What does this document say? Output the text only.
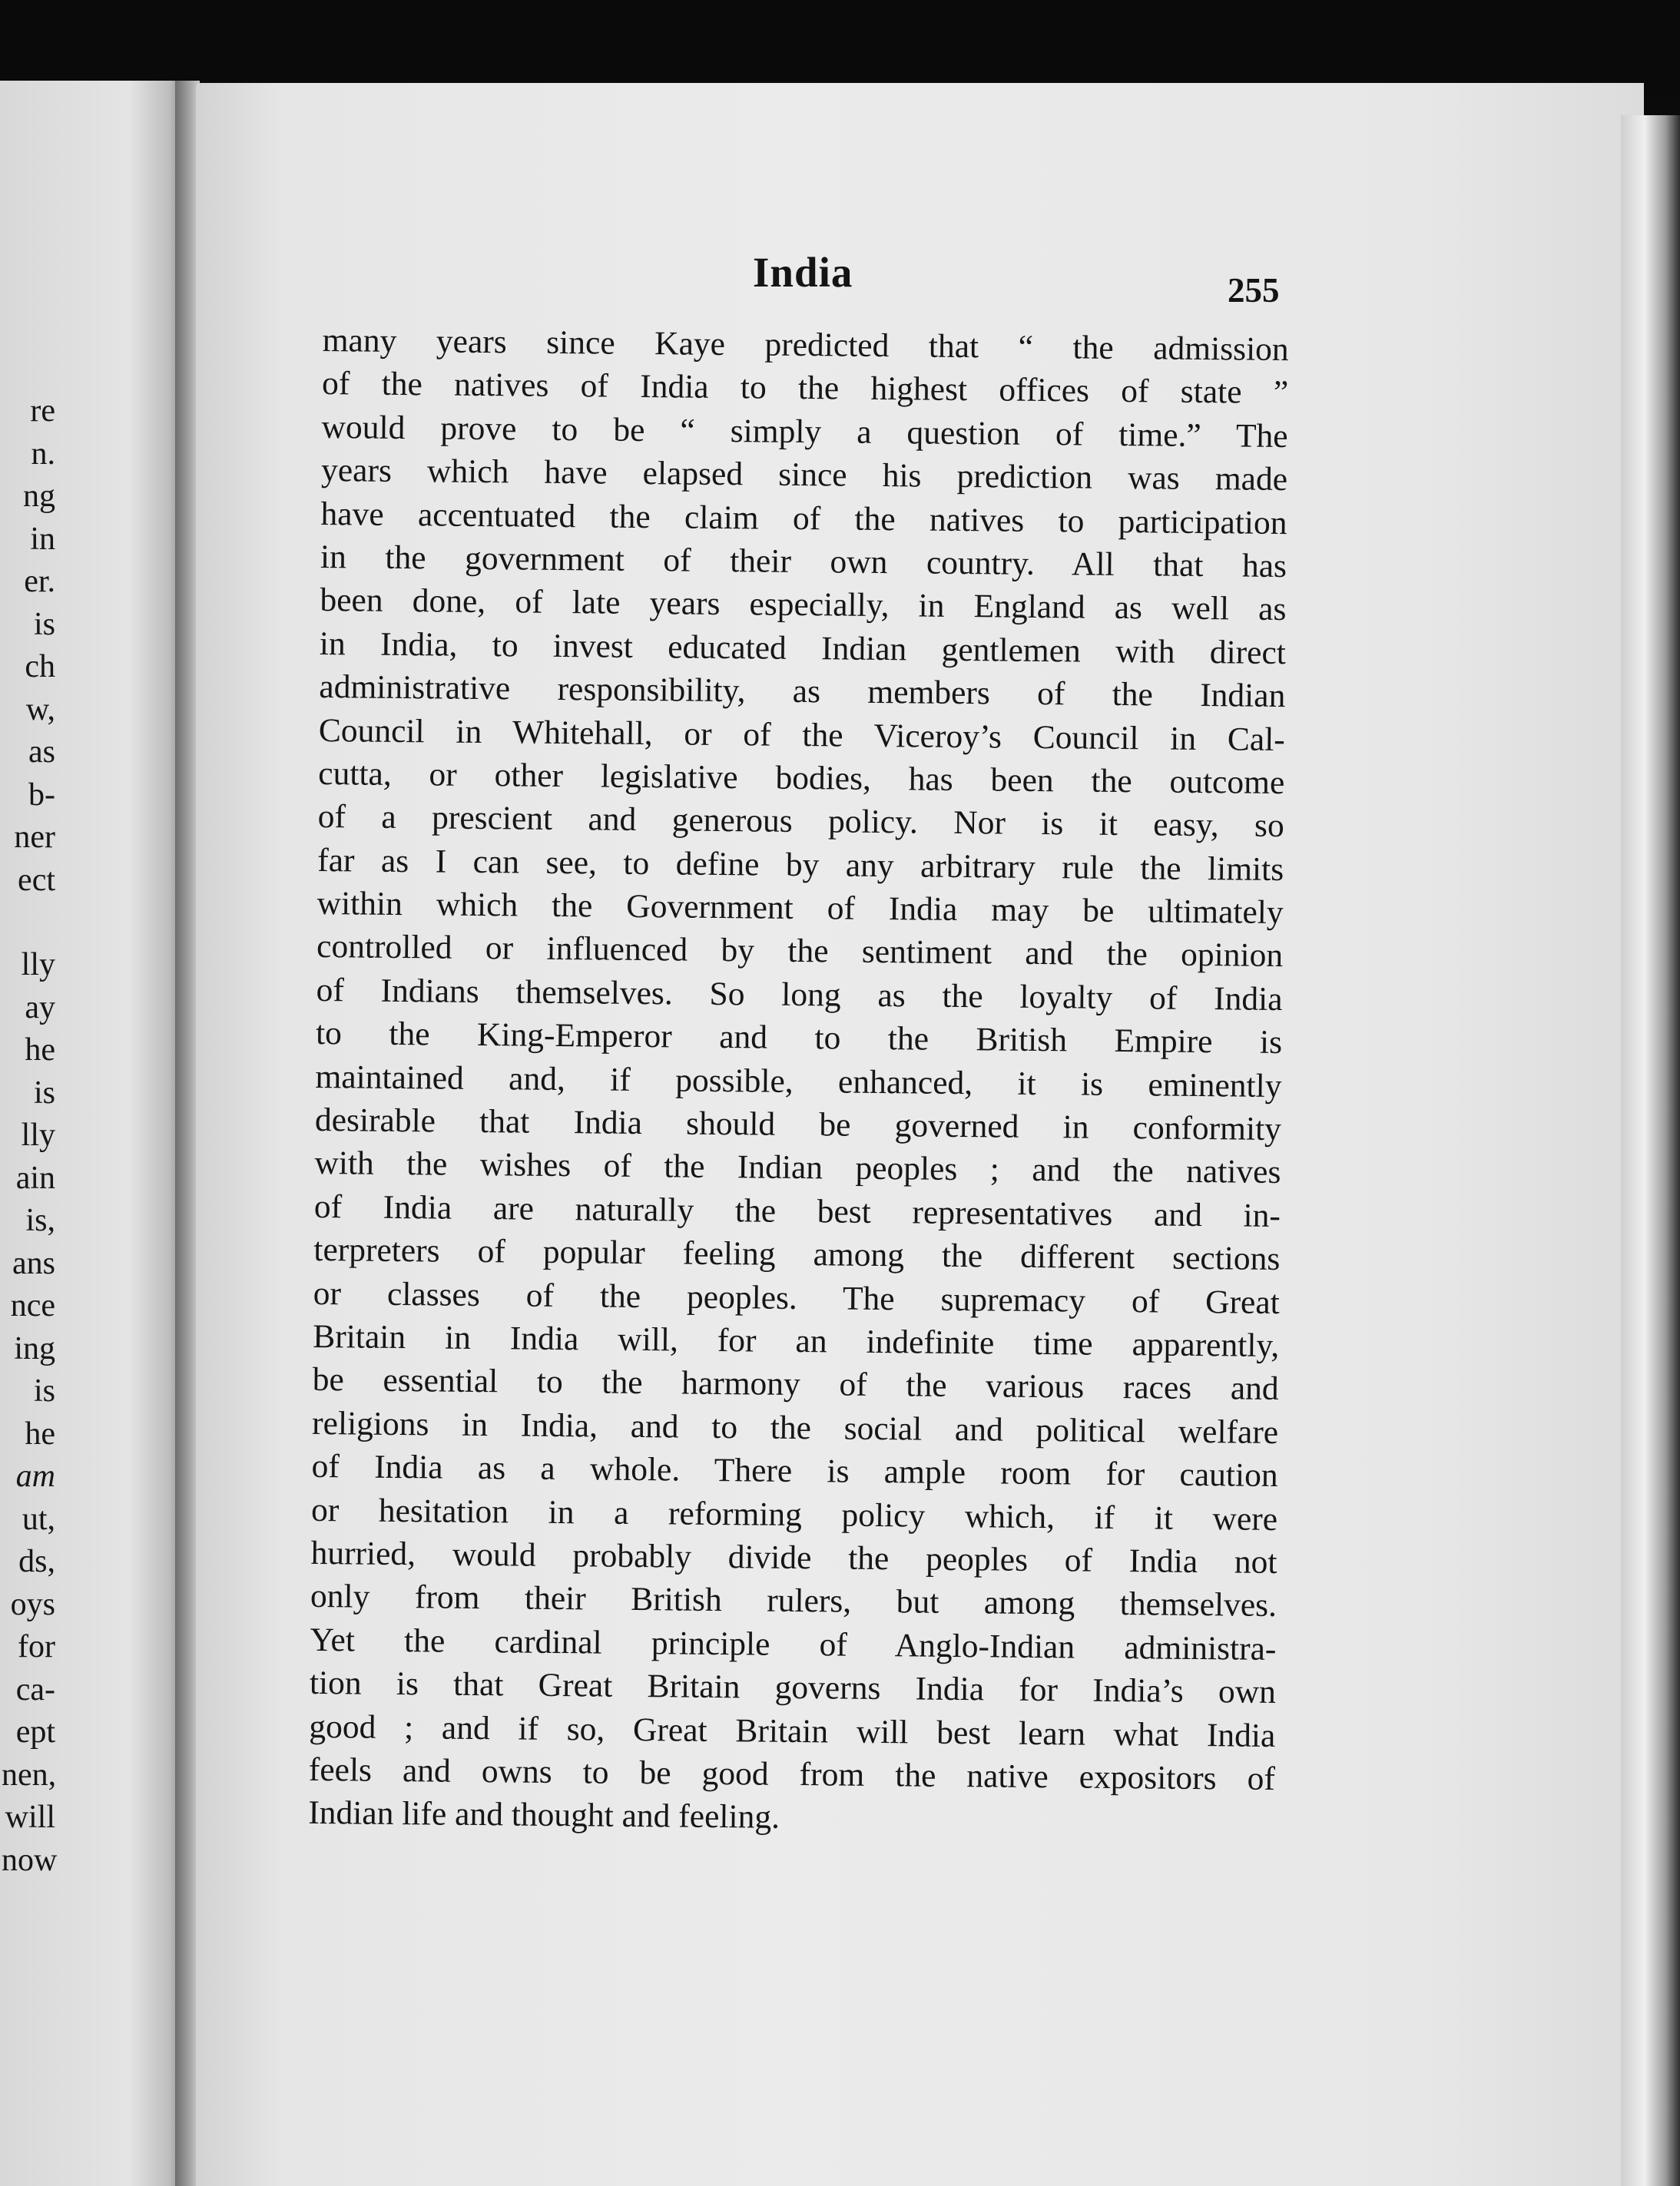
re
n.
ng
in
er.
is
ch
w,
as
b-
ner
ect
lly
ay
he
is
lly
ain
is,
ans
nce
ing
is
he
am
ut,
ds,
oys
for
ca-
ept
nen,
will
now
India	255
many years since Kaye predicted that “ the admission
of the natives of India to the highest offices of state ”
would prove to be “ simply a question of time.” The
years which have elapsed since his prediction was made
have accentuated the claim of the natives to participation
in the government of their own country. All that has
been done, of late years especially, in England as well as
in India, to invest educated Indian gentlemen with direct
administrative responsibility, as members of the Indian
Council in Whitehall, or of the Viceroy’s Council in Cal-
cutta, or other legislative bodies, has been the outcome
of a prescient and generous policy. Nor is it easy, so
far as I can see, to define by any arbitrary rule the limits
within which the Government of India may be ultimately
controlled or influenced by the sentiment and the opinion
of Indians themselves. So long as the loyalty of India
to the King-Emperor and to the British Empire is
maintained and, if possible, enhanced, it is eminently
desirable that India should be governed in conformity
with the wishes of the Indian peoples ; and the natives
of India are naturally the best representatives and in-
terpreters of popular feeling among the different sections
or classes of the peoples. The supremacy of Great
Britain in India will, for an indefinite time apparently,
be essential to the harmony of the various races and
religions in India, and to the social and political welfare
of India as a whole. There is ample room for caution
or hesitation in a reforming policy which, if it were
hurried, would probably divide the peoples of India not
only from their British rulers, but among themselves.
Yet the cardinal principle of Anglo-Indian administra-
tion is that Great Britain governs India for India’s own
good ; and if so, Great Britain will best learn what India
feels and owns to be good from the native expositors of
Indian life and thought and feeling.
